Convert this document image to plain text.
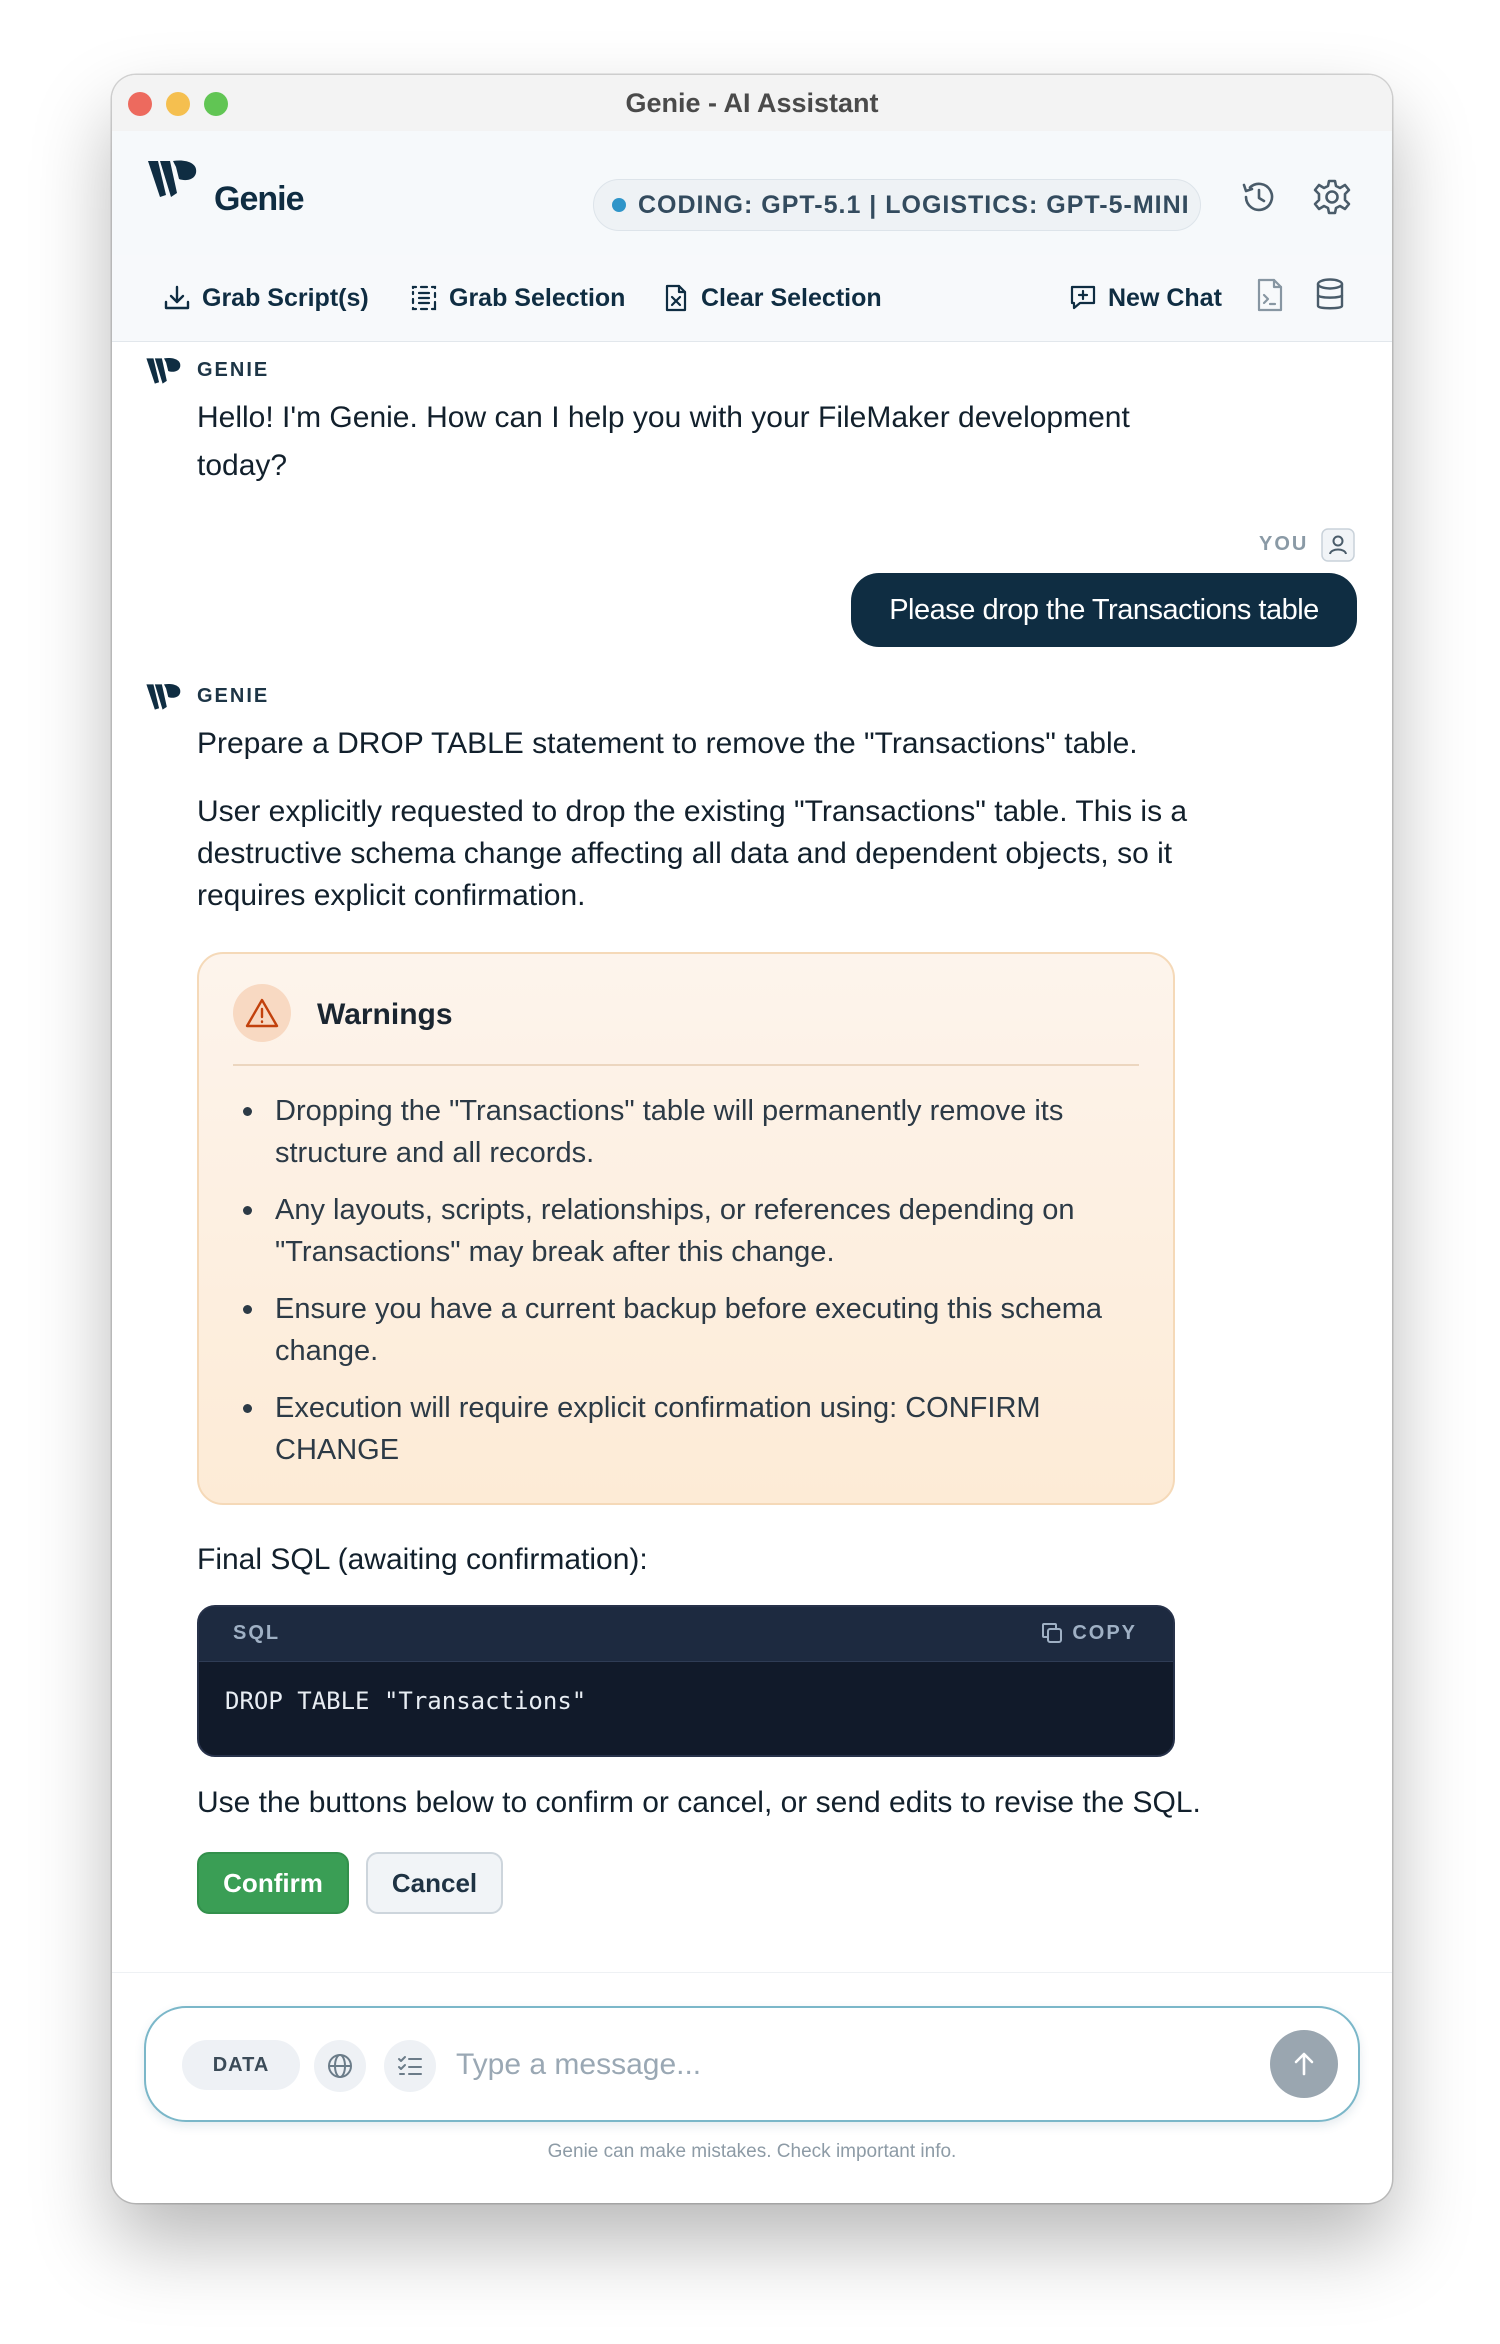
Genie - AI Assistant
Genie	CODING: GPT-5.1 | LOGISTICS: GPT-5-MINI
Grab Script(s)	Grab Selection	Clear Selection	New Chat
GENIE
Hello! I'm Genie. How can I help you with your FileMaker development
today?
YOU
Please drop the Transactions table
GENIE
Prepare a DROP TABLE statement to remove the "Transactions" table.
User explicitly requested to drop the existing "Transactions" table. This is a
destructive schema change affecting all data and dependent objects, so it
requires explicit confirmation.
Warnings
Dropping the "Transactions" table will permanently remove its
structure and all records.
Any layouts, scripts, relationships, or references depending on
"Transactions" may break after this change.
Ensure you have a current backup before executing this schema
change.
Execution will require explicit confirmation using: CONFIRM
CHANGE
Final SQL (awaiting confirmation):
SQL	COPY
DROP TABLE "Transactions"
Use the buttons below to confirm or cancel, or send edits to revise the SQL.
Confirm	Cancel
DATA
Type a message...
Genie can make mistakes. Check important info.
